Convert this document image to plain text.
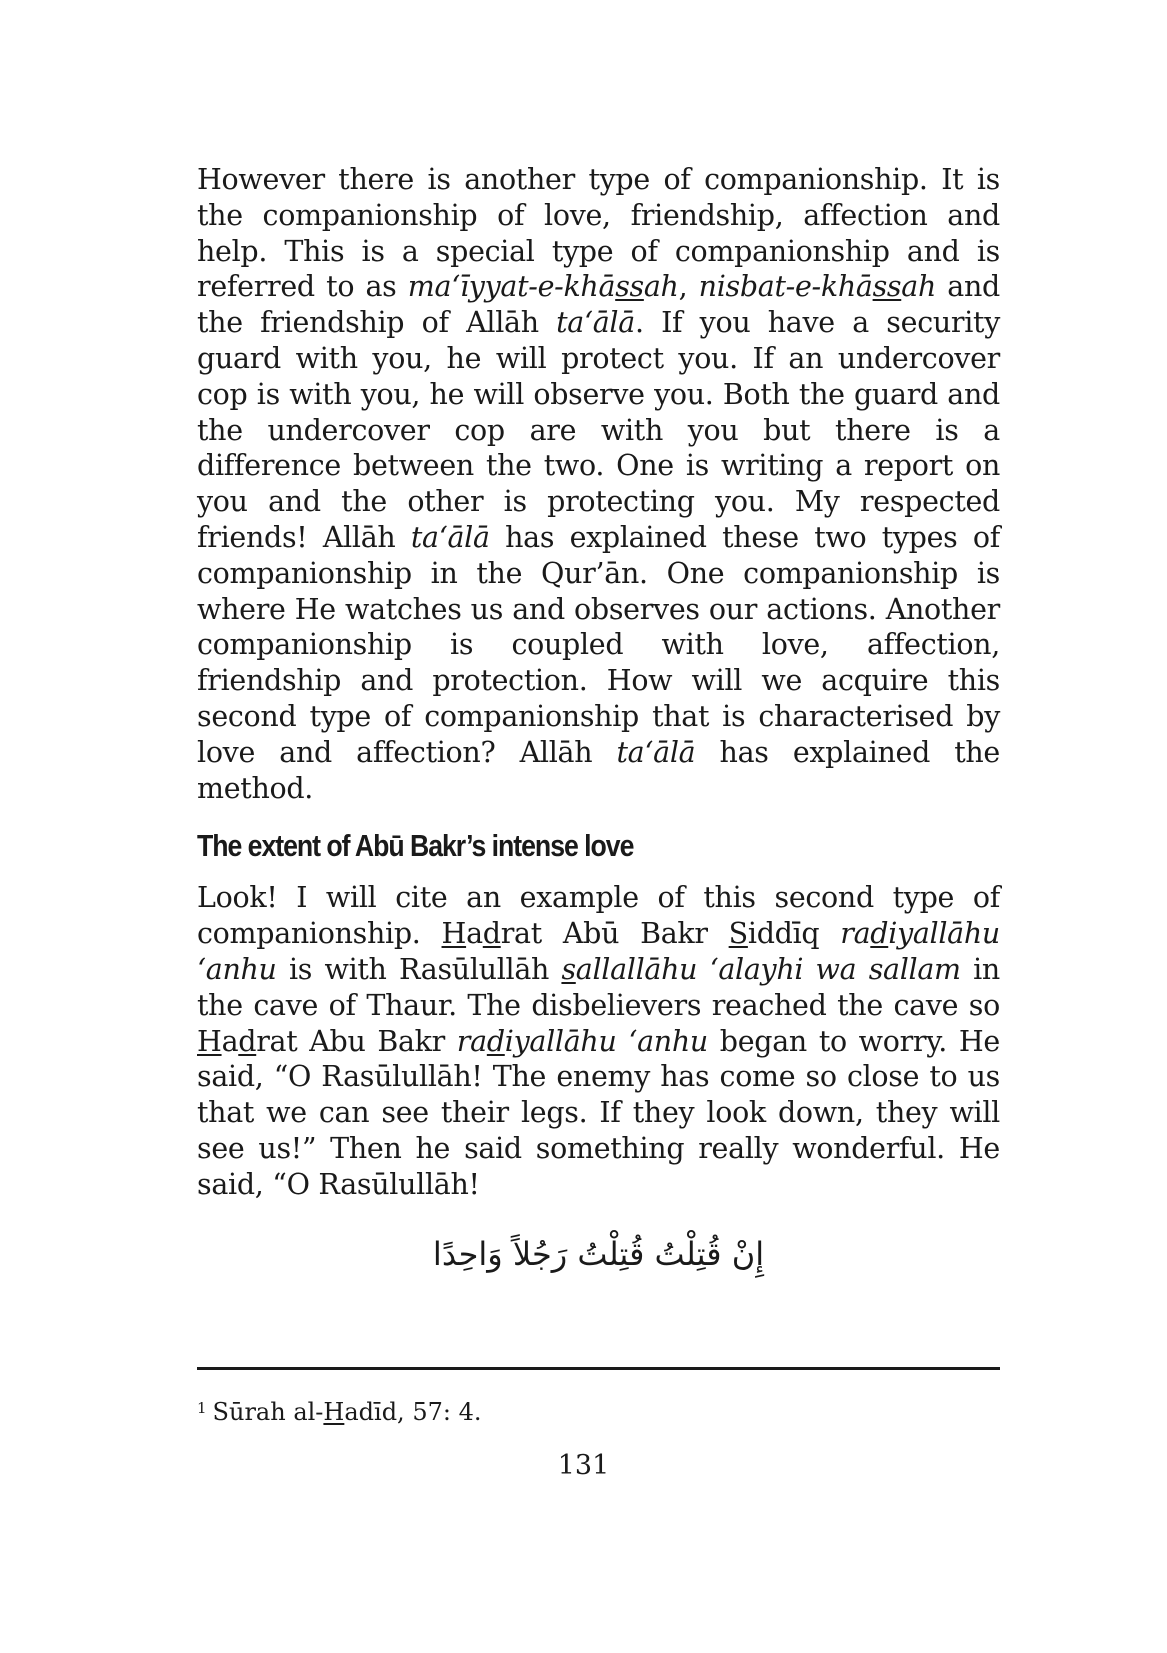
However there is another type of companionship. It is the companionship of love, friendship, affection and help. This is a special type of companionship and is referred to as ma‘īyyat-e-khāssah, nisbat-e-khāssah and the friendship of Allāh ta‘ālā. If you have a security guard with you, he will protect you. If an undercover cop is with you, he will observe you. Both the guard and the undercover cop are with you but there is a difference between the two. One is writing a report on you and the other is protecting you. My respected friends! Allāh ta‘ālā has explained these two types of companionship in the Qur’ān. One companionship is where He watches us and observes our actions. Another companionship is coupled with love, affection, friendship and protection. How will we acquire this second type of companionship that is characterised by love and affection? Allāh ta‘ālā has explained the method.

The extent of Abū Bakr’s intense love

Look! I will cite an example of this second type of companionship. Hadrat Abū Bakr Siddīq radiyallāhu ‘anhu is with Rasūlullāh sallallāhu ‘alayhi wa sallam in the cave of Thaur. The disbelievers reached the cave so Hadrat Abu Bakr radiyallāhu ‘anhu began to worry. He said, “O Rasūlullāh! The enemy has come so close to us that we can see their legs. If they look down, they will see us!” Then he said something really wonderful. He said, “O Rasūlullāh!

إِنْ قُتِلْتُ قُتِلْتُ رَجُلاً وَاحِدًا
$^1$ Sūrah al-Hadīd, 57: 4.
131
